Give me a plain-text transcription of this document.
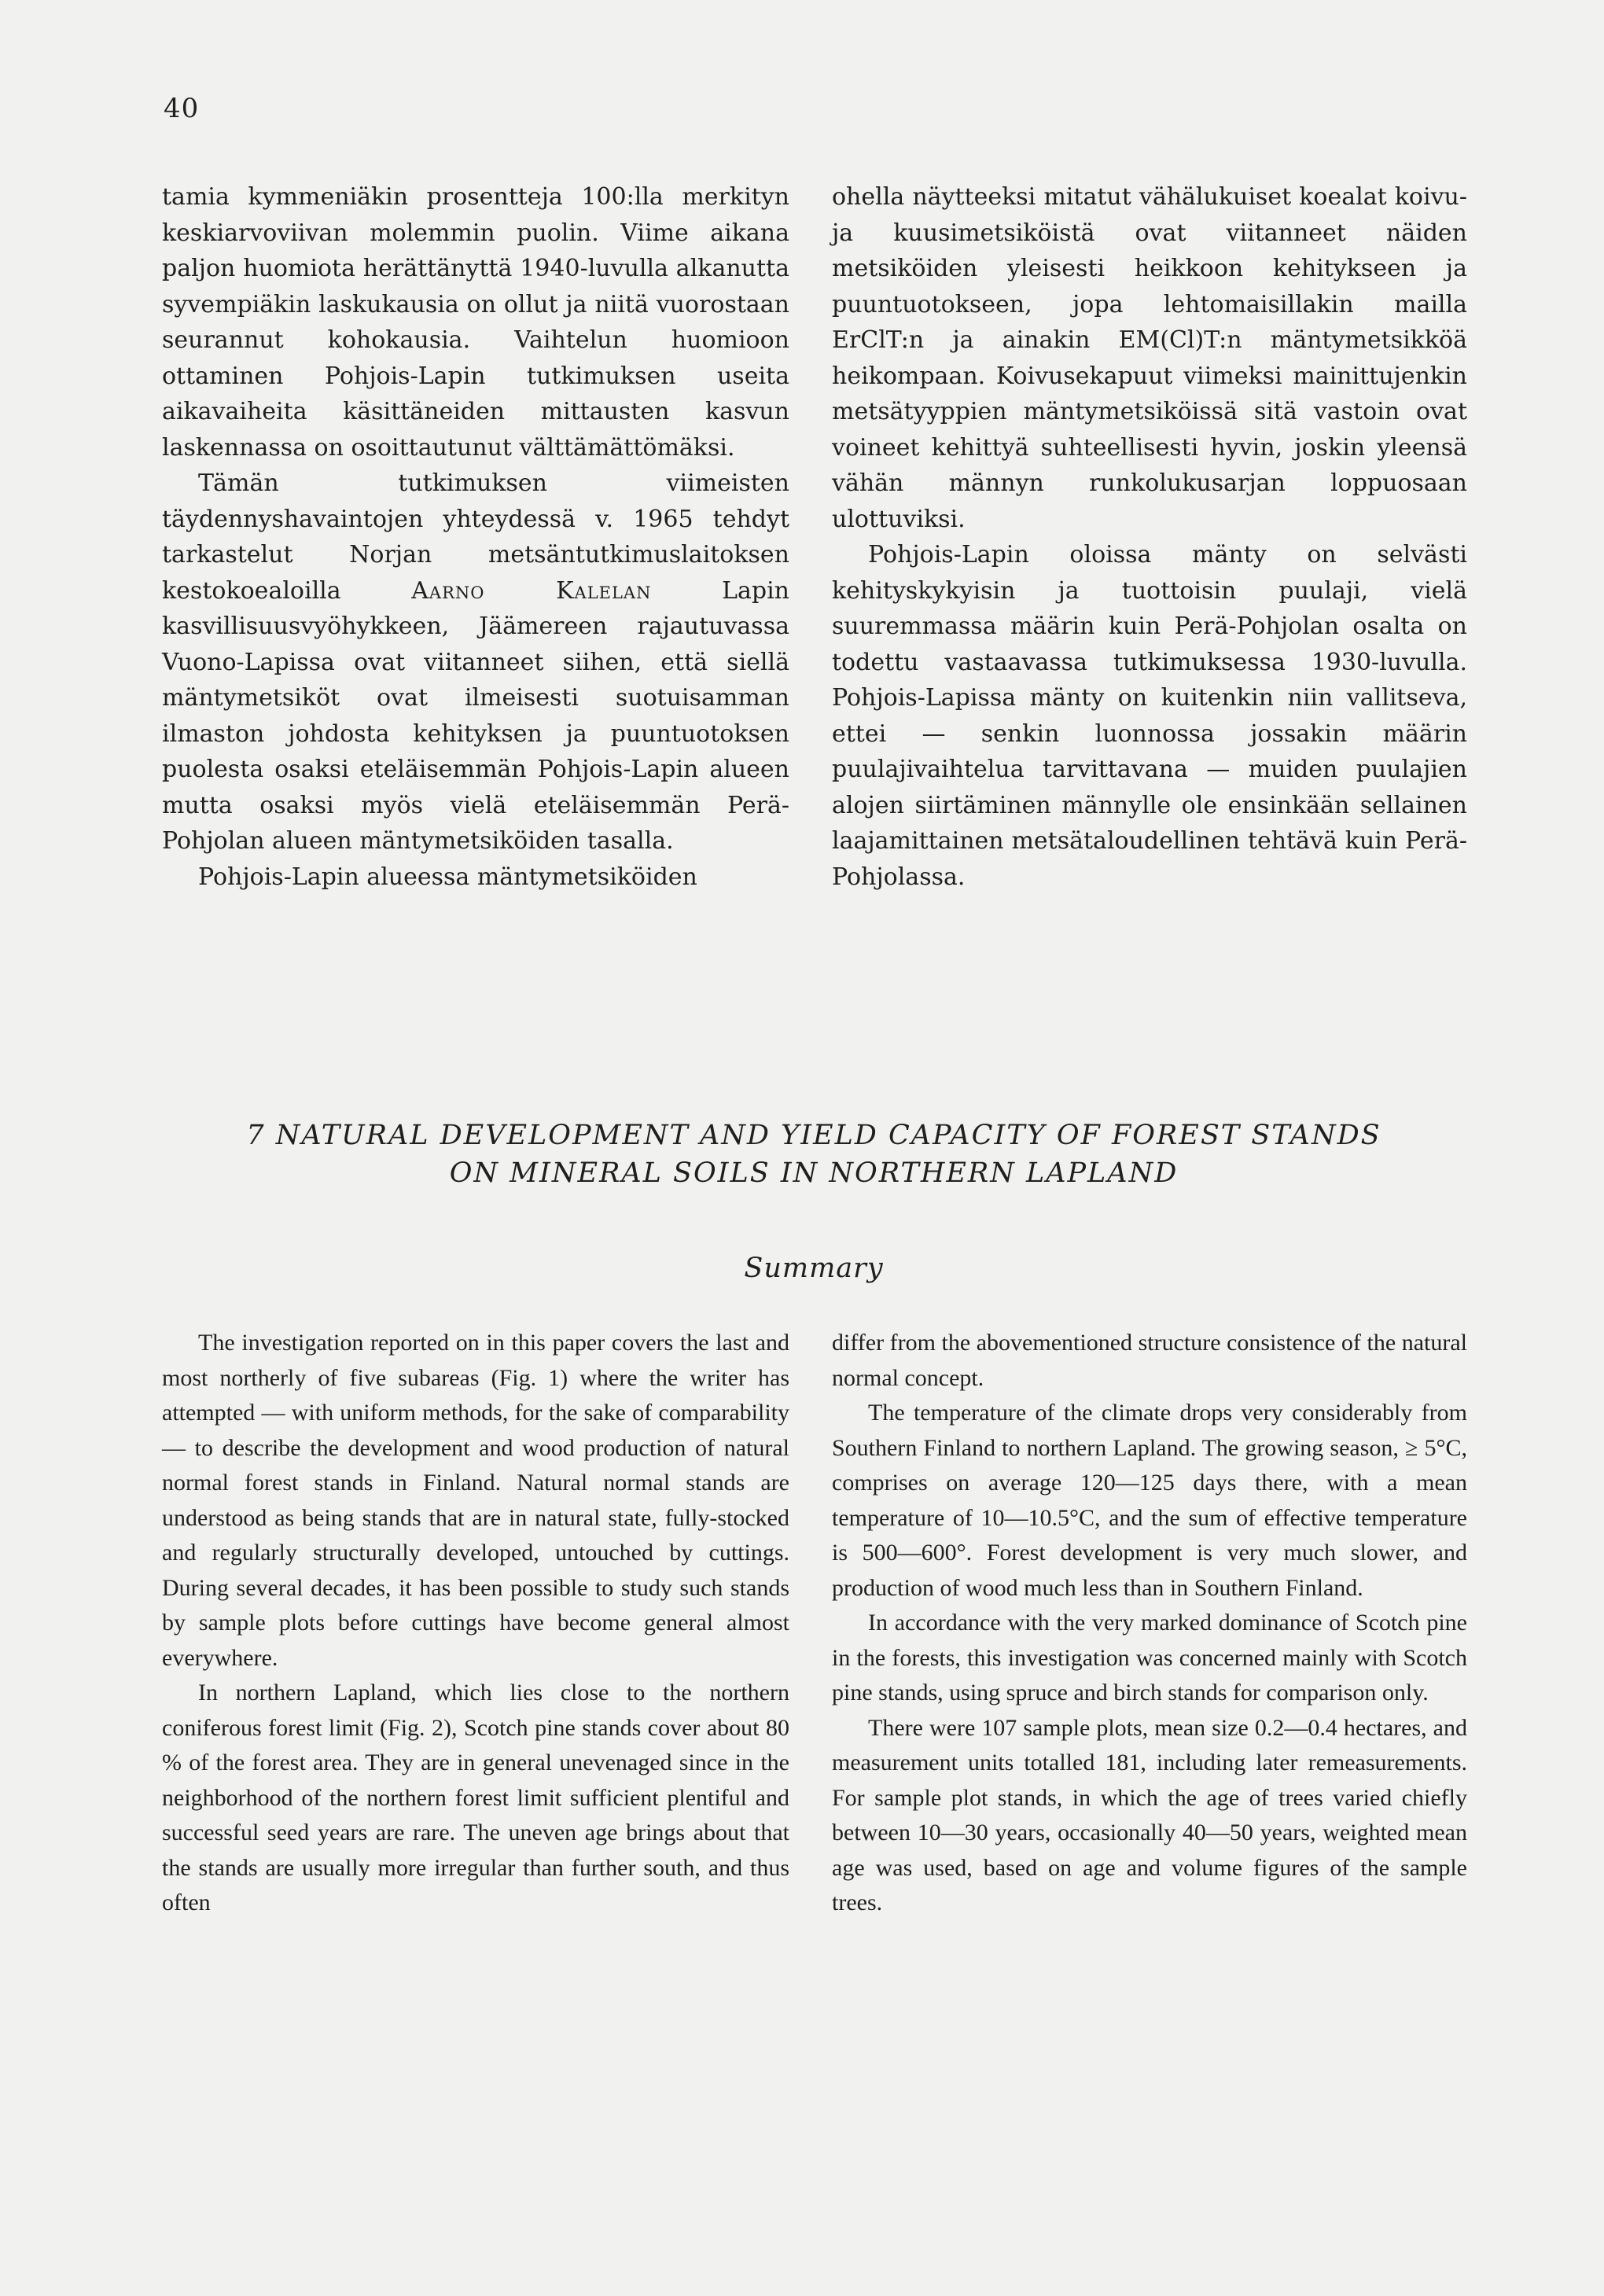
40

tamia kymmeniäkin prosentteja 100:lla merkityn keskiarvoviivan molemmin puolin. Viime aikana paljon huomiota herättänyttä 1940-luvulla alkanutta syvempiäkin laskukausia on ollut ja niitä vuorostaan seurannut kohokausia. Vaihtelun huomioon ottaminen Pohjois-Lapin tutkimuksen useita aikavaiheita käsittäneiden mittausten kasvun laskennassa on osoittautunut välttämättömäksi.

Tämän tutkimuksen viimeisten täydennyshavaintojen yhteydessä v. 1965 tehdyt tarkastelut Norjan metsäntutkimuslaitoksen kestokoealoilla Aarno Kalelan Lapin kasvillisuusvyöhykkeen, Jäämereen rajautuvassa Vuono-Lapissa ovat viitanneet siihen, että siellä mäntymetsiköt ovat ilmeisesti suotuisamman ilmaston johdosta kehityksen ja puuntuotoksen puolesta osaksi eteläisemmän Pohjois-Lapin alueen mutta osaksi myös vielä eteläisemmän Perä-Pohjolan alueen mäntymetsiköiden tasalla.

Pohjois-Lapin alueessa mäntymetsiköiden

ohella näytteeksi mitatut vähälukuiset koealat koivu- ja kuusimetsiköistä ovat viitanneet näiden metsiköiden yleisesti heikkoon kehitykseen ja puuntuotokseen, jopa lehtomaisillakin mailla ErClT:n ja ainakin EM(Cl)T:n mäntymetsikköä heikompaan. Koivusekapuut viimeksi mainittujenkin metsätyyppien mäntymetsiköissä sitä vastoin ovat voineet kehittyä suhteellisesti hyvin, joskin yleensä vähän männyn runkolukusarjan loppuosaan ulottuviksi.

Pohjois-Lapin oloissa mänty on selvästi kehityskykyisin ja tuottoisin puulaji, vielä suuremmassa määrin kuin Perä-Pohjolan osalta on todettu vastaavassa tutkimuksessa 1930-luvulla. Pohjois-Lapissa mänty on kuitenkin niin vallitseva, ettei — senkin luonnossa jossakin määrin puulajivaihtelua tarvittavana — muiden puulajien alojen siirtäminen männylle ole ensinkään sellainen laajamittainen metsätaloudellinen tehtävä kuin Perä-Pohjolassa.

7 NATURAL DEVELOPMENT AND YIELD CAPACITY OF FOREST STANDS
ON MINERAL SOILS IN NORTHERN LAPLAND
Summary

The investigation reported on in this paper covers the last and most northerly of five subareas (Fig. 1) where the writer has attempted — with uniform methods, for the sake of comparability — to describe the development and wood production of natural normal forest stands in Finland. Natural normal stands are understood as being stands that are in natural state, fully-stocked and regularly structurally developed, untouched by cuttings. During several decades, it has been possible to study such stands by sample plots before cuttings have become general almost everywhere.

In northern Lapland, which lies close to the northern coniferous forest limit (Fig. 2), Scotch pine stands cover about 80 % of the forest area. They are in general unevenaged since in the neighborhood of the northern forest limit sufficient plentiful and successful seed years are rare. The uneven age brings about that the stands are usually more irregular than further south, and thus often

differ from the abovementioned structure consistence of the natural normal concept.

The temperature of the climate drops very considerably from Southern Finland to northern Lapland. The growing season, ≥ 5°C, comprises on average 120—125 days there, with a mean temperature of 10—10.5°C, and the sum of effective temperature is 500—600°. Forest development is very much slower, and production of wood much less than in Southern Finland.

In accordance with the very marked dominance of Scotch pine in the forests, this investigation was concerned mainly with Scotch pine stands, using spruce and birch stands for comparison only.

There were 107 sample plots, mean size 0.2—0.4 hectares, and measurement units totalled 181, including later remeasurements. For sample plot stands, in which the age of trees varied chiefly between 10—30 years, occasionally 40—50 years, weighted mean age was used, based on age and volume figures of the sample trees.
